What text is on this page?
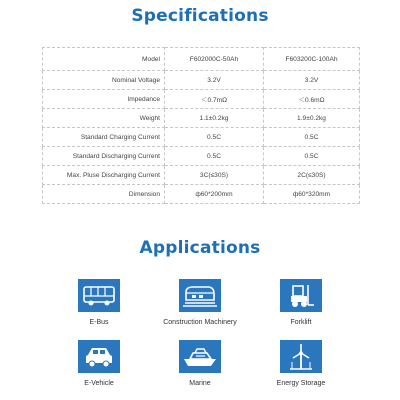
Specifications
Model	F602000C-50Ah	F603200C-100Ah
Nominal Voltage	3.2V	3.2V
Impedance	＜0.7mΩ	＜0.6mΩ
Weight	1.1±0.2kg	1.9±0.2kg
Standard Charging Current	0.5C	0.5C
Standard Discharging Current	0.5C	0.5C
Max. Pluse Discharging Current	3C(≤30S)	2C(≤30S)
Dimension	ф60*200mm	ф60*320mm
Applications
E-Bus	Construction Machinery	Forklift
E-Vehicle	Marine	Energy Storage
